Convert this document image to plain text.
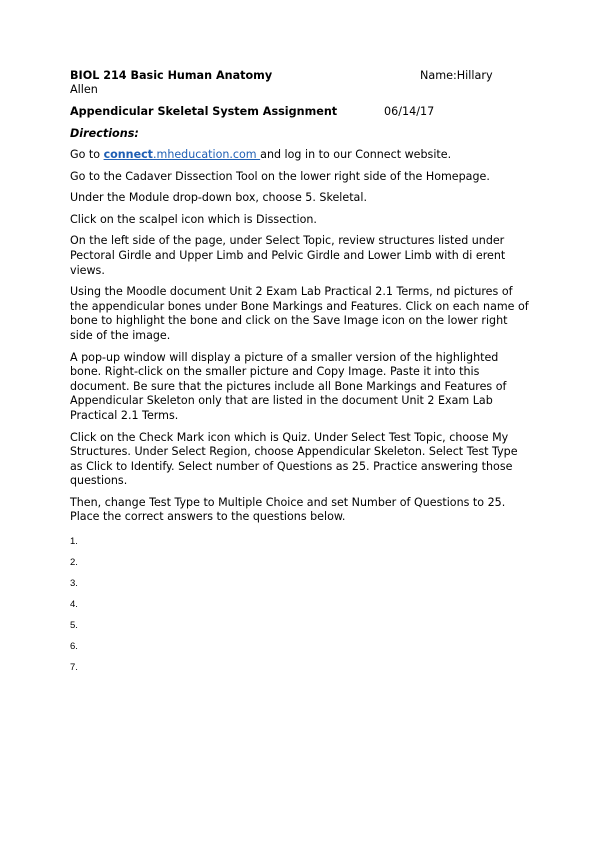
BIOL 214 Basic Human Anatomy	Name:Hillary
Allen
Appendicular Skeletal System Assignment	06/14/17
Directions:

Go to connect.mheducation.com and log in to our Connect website.

Go to the Cadaver Dissection Tool on the lower right side of the Homepage.

Under the Module drop-down box, choose 5. Skeletal.

Click on the scalpel icon which is Dissection.

On the left side of the page, under Select Topic, review structures listed under Pectoral Girdle and Upper Limb and Pelvic Girdle and Lower Limb with di erent views.

Using the Moodle document Unit 2 Exam Lab Practical 2.1 Terms, nd pictures of the appendicular bones under Bone Markings and Features. Click on each name of bone to highlight the bone and click on the Save Image icon on the lower right side of the image.

A pop-up window will display a picture of a smaller version of the highlighted bone. Right-click on the smaller picture and Copy Image. Paste it into this document. Be sure that the pictures include all Bone Markings and Features of Appendicular Skeleton only that are listed in the document Unit 2 Exam Lab Practical 2.1 Terms.

Click on the Check Mark icon which is Quiz. Under Select Test Topic, choose My Structures. Under Select Region, choose Appendicular Skeleton. Select Test Type as Click to Identify. Select number of Questions as 25. Practice answering those questions.

Then, change Test Type to Multiple Choice and set Number of Questions to 25. Place the correct answers to the questions below.

1.
2.
3.
4.
5.
6.
7.
